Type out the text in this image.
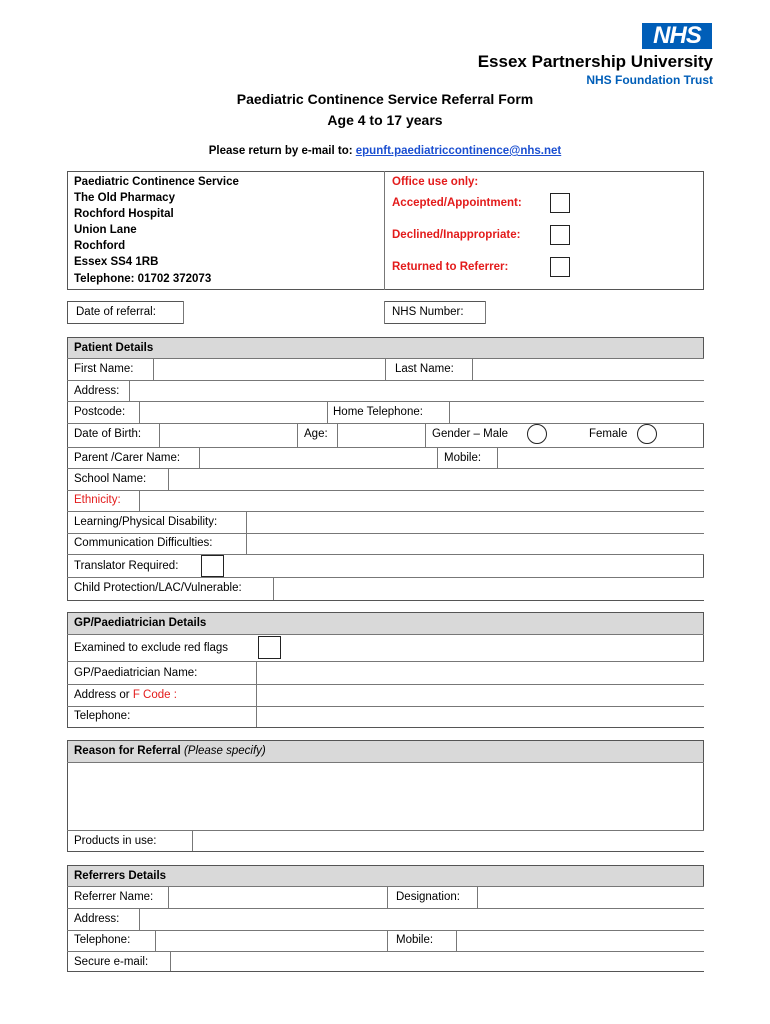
NHS
Essex Partnership University
NHS Foundation Trust
Paediatric Continence Service Referral Form
Age 4 to 17 years
Please return by e-mail to: epunft.paediatriccontinence@nhs.net
Paediatric Continence Service
The Old Pharmacy
Rochford Hospital
Union Lane
Rochford
Essex SS4 1RB
Telephone: 01702 372073
Office use only:
Accepted/Appointment:
Declined/Inappropriate:
Returned to Referrer:
Date of referral:	NHS Number:
Patient Details
First Name:	Last Name:
Address:
Postcode:	Home Telephone:
Date of Birth:	Age:	Gender – Male	Female
Parent /Carer Name:	Mobile:
School Name:
Ethnicity:
Learning/Physical Disability:
Communication Difficulties:
Translator Required:
Child Protection/LAC/Vulnerable:
GP/Paediatrician Details
Examined to exclude red flags
GP/Paediatrician Name:
Address or F Code :
Telephone:
Reason for Referral (Please specify)
Products in use:
Referrers Details
Referrer Name:	Designation:
Address:
Telephone:	Mobile:
Secure e-mail:
